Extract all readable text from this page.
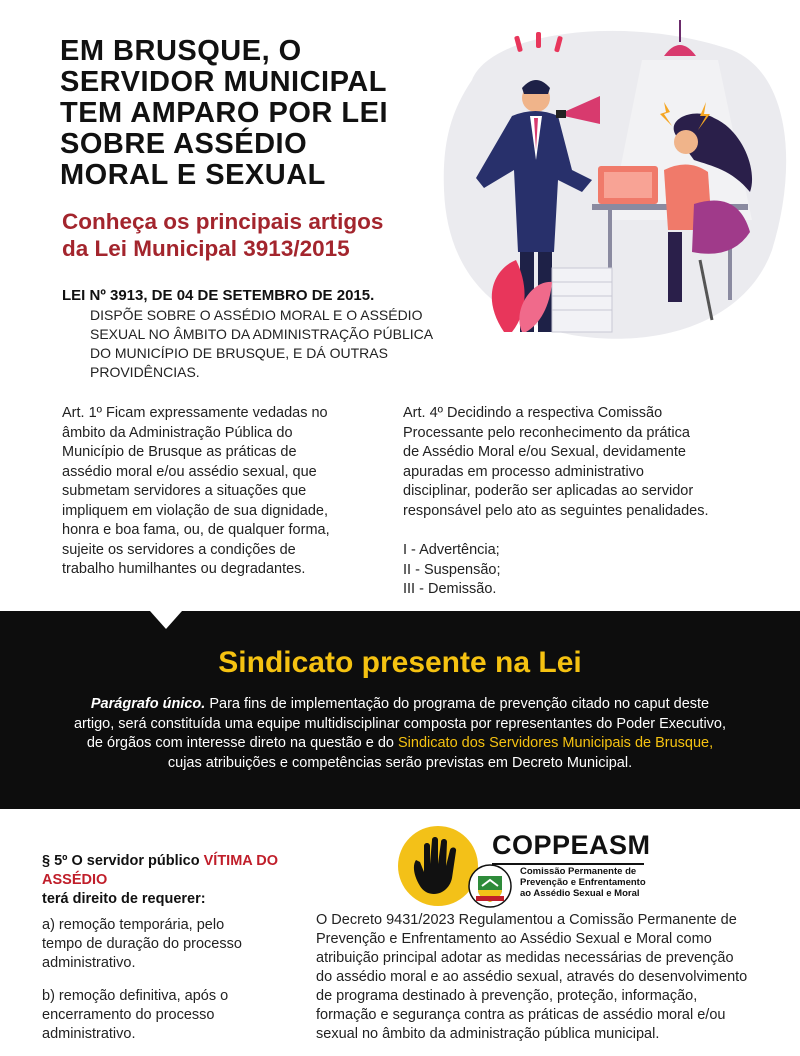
EM BRUSQUE, O
SERVIDOR MUNICIPAL
TEM AMPARO POR LEI
SOBRE ASSÉDIO
MORAL E SEXUAL
Conheça os principais artigos
da Lei Municipal 3913/2015

LEI Nº 3913, DE 04 DE SETEMBRO DE 2015.

DISPÕE SOBRE O ASSÉDIO MORAL E O ASSÉDIO
SEXUAL NO ÂMBITO DA ADMINISTRAÇÃO PÚBLICA
DO MUNICÍPIO DE BRUSQUE, E DÁ OUTRAS
PROVIDÊNCIAS.

Art. 1º Ficam expressamente vedadas no
âmbito da Administração Pública do
Município de Brusque as práticas de
assédio moral e/ou assédio sexual, que
submetam servidores a situações que
impliquem em violação de sua dignidade,
honra e boa fama, ou, de qualquer forma,
sujeite os servidores a condições de
trabalho humilhantes ou degradantes.

Art. 4º Decidindo a respectiva Comissão
Processante pelo reconhecimento da prática
de Assédio Moral e/ou Sexual, devidamente
apuradas em processo administrativo
disciplinar, poderão ser aplicadas ao servidor
responsável pelo ato as seguintes penalidades.

I - Advertência;
II - Suspensão;
III - Demissão.

Sindicato presente na Lei

Parágrafo único. Para fins de implementação do programa de prevenção citado no caput deste artigo, será constituída uma equipe multidisciplinar composta por representantes do Poder Executivo, de órgãos com interesse direto na questão e do Sindicato dos Servidores Municipais de Brusque, cujas atribuições e competências serão previstas em Decreto Municipal.

§ 5º O servidor público VÍTIMA DO ASSÉDIO
terá direito de requerer:

a) remoção temporária, pelo
tempo de duração do processo
administrativo.

b) remoção definitiva, após o
encerramento do processo
administrativo.

COPPEASM

Comissão Permanente de
Prevenção e Enfrentamento
ao Assédio Sexual e Moral

O Decreto 9431/2023 Regulamentou a Comissão Permanente de
Prevenção e Enfrentamento ao Assédio Sexual e Moral como
atribuição principal adotar as medidas necessárias de prevenção
do assédio moral e ao assédio sexual, através do desenvolvimento
de programa destinado à prevenção, proteção, informação,
formação e segurança contra as práticas de assédio moral e/ou
sexual no âmbito da administração pública municipal.
